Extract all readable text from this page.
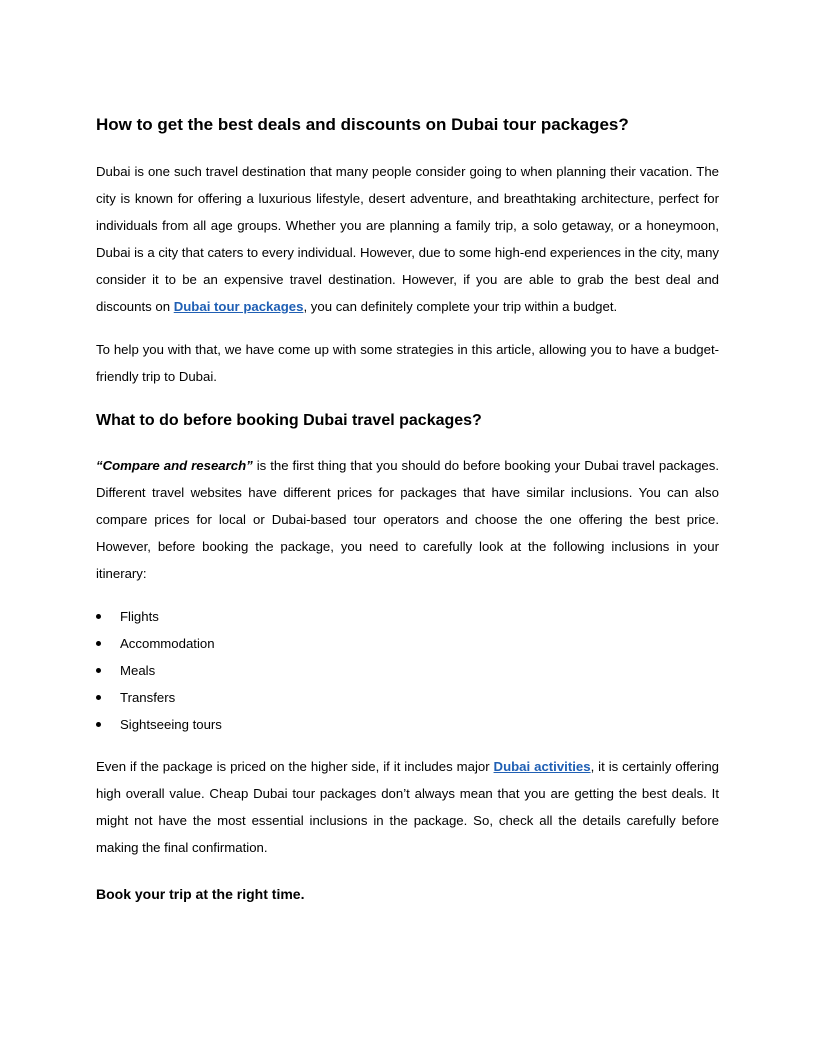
How to get the best deals and discounts on Dubai tour packages?

Dubai is one such travel destination that many people consider going to when planning their vacation. The city is known for offering a luxurious lifestyle, desert adventure, and breathtaking architecture, perfect for individuals from all age groups. Whether you are planning a family trip, a solo getaway, or a honeymoon, Dubai is a city that caters to every individual. However, due to some high-end experiences in the city, many consider it to be an expensive travel destination. However, if you are able to grab the best deal and discounts on Dubai tour packages, you can definitely complete your trip within a budget.

To help you with that, we have come up with some strategies in this article, allowing you to have a budget-friendly trip to Dubai.

What to do before booking Dubai travel packages?

“Compare and research” is the first thing that you should do before booking your Dubai travel packages. Different travel websites have different prices for packages that have similar inclusions. You can also compare prices for local or Dubai-based tour operators and choose the one offering the best price. However, before booking the package, you need to carefully look at the following inclusions in your itinerary:

Flights
Accommodation
Meals
Transfers
Sightseeing tours

Even if the package is priced on the higher side, if it includes major Dubai activities, it is certainly offering high overall value. Cheap Dubai tour packages don’t always mean that you are getting the best deals. It might not have the most essential inclusions in the package. So, check all the details carefully before making the final confirmation.

Book your trip at the right time.
